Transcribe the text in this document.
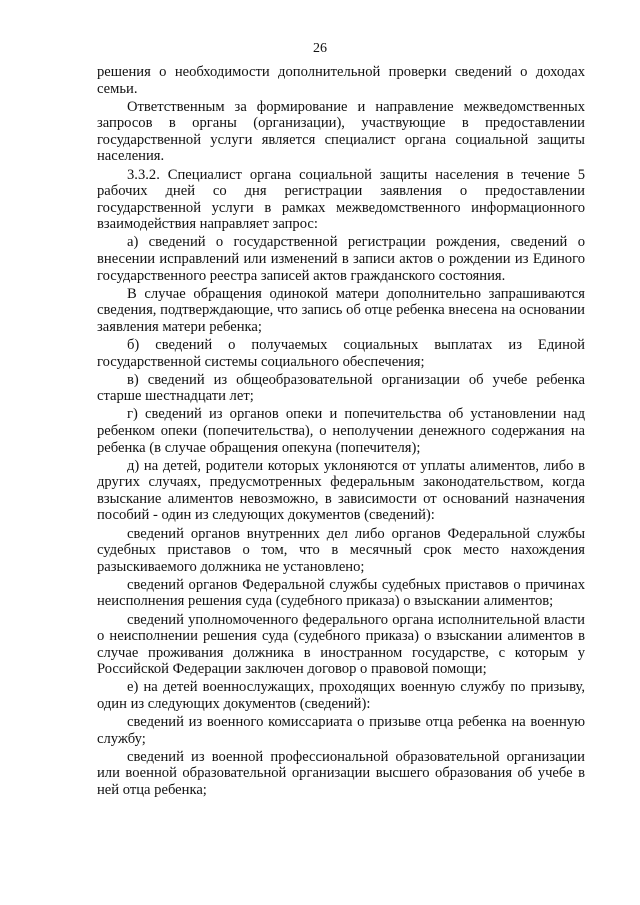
26

решения о необходимости дополнительной проверки сведений о доходах семьи.

Ответственным за формирование и направление межведомственных запросов в органы (организации), участвующие в предоставлении государственной услуги является специалист органа социальной защиты населения.

3.3.2. Специалист органа социальной защиты населения в течение 5 рабочих дней со дня регистрации заявления о предоставлении государственной услуги в рамках межведомственного информационного взаимодействия направляет запрос:

а) сведений о государственной регистрации рождения, сведений о внесении исправлений или изменений в записи актов о рождении из Единого государственного реестра записей актов гражданского состояния.

В случае обращения одинокой матери дополнительно запрашиваются сведения, подтверждающие, что запись об отце ребенка внесена на основании заявления матери ребенка;

б) сведений о получаемых социальных выплатах из Единой государственной системы социального обеспечения;

в) сведений из общеобразовательной организации об учебе ребенка старше шестнадцати лет;

г) сведений из органов опеки и попечительства об установлении над ребенком опеки (попечительства), о неполучении денежного содержания на ребенка (в случае обращения опекуна (попечителя);

д) на детей, родители которых уклоняются от уплаты алиментов, либо в других случаях, предусмотренных федеральным законодательством, когда взыскание алиментов невозможно, в зависимости от оснований назначения пособий - один из следующих документов (сведений):

сведений органов внутренних дел либо органов Федеральной службы судебных приставов о том, что в месячный срок место нахождения разыскиваемого должника не установлено;

сведений органов Федеральной службы судебных приставов о причинах неисполнения решения суда (судебного приказа) о взыскании алиментов;

сведений уполномоченного федерального органа исполнительной власти о неисполнении решения суда (судебного приказа) о взыскании алиментов в случае проживания должника в иностранном государстве, с которым у Российской Федерации заключен договор о правовой помощи;

е) на детей военнослужащих, проходящих военную службу по призыву, один из следующих документов (сведений):

сведений из военного комиссариата о призыве отца ребенка на военную службу;

сведений из военной профессиональной образовательной организации или военной образовательной организации высшего образования об учебе в ней отца ребенка;
